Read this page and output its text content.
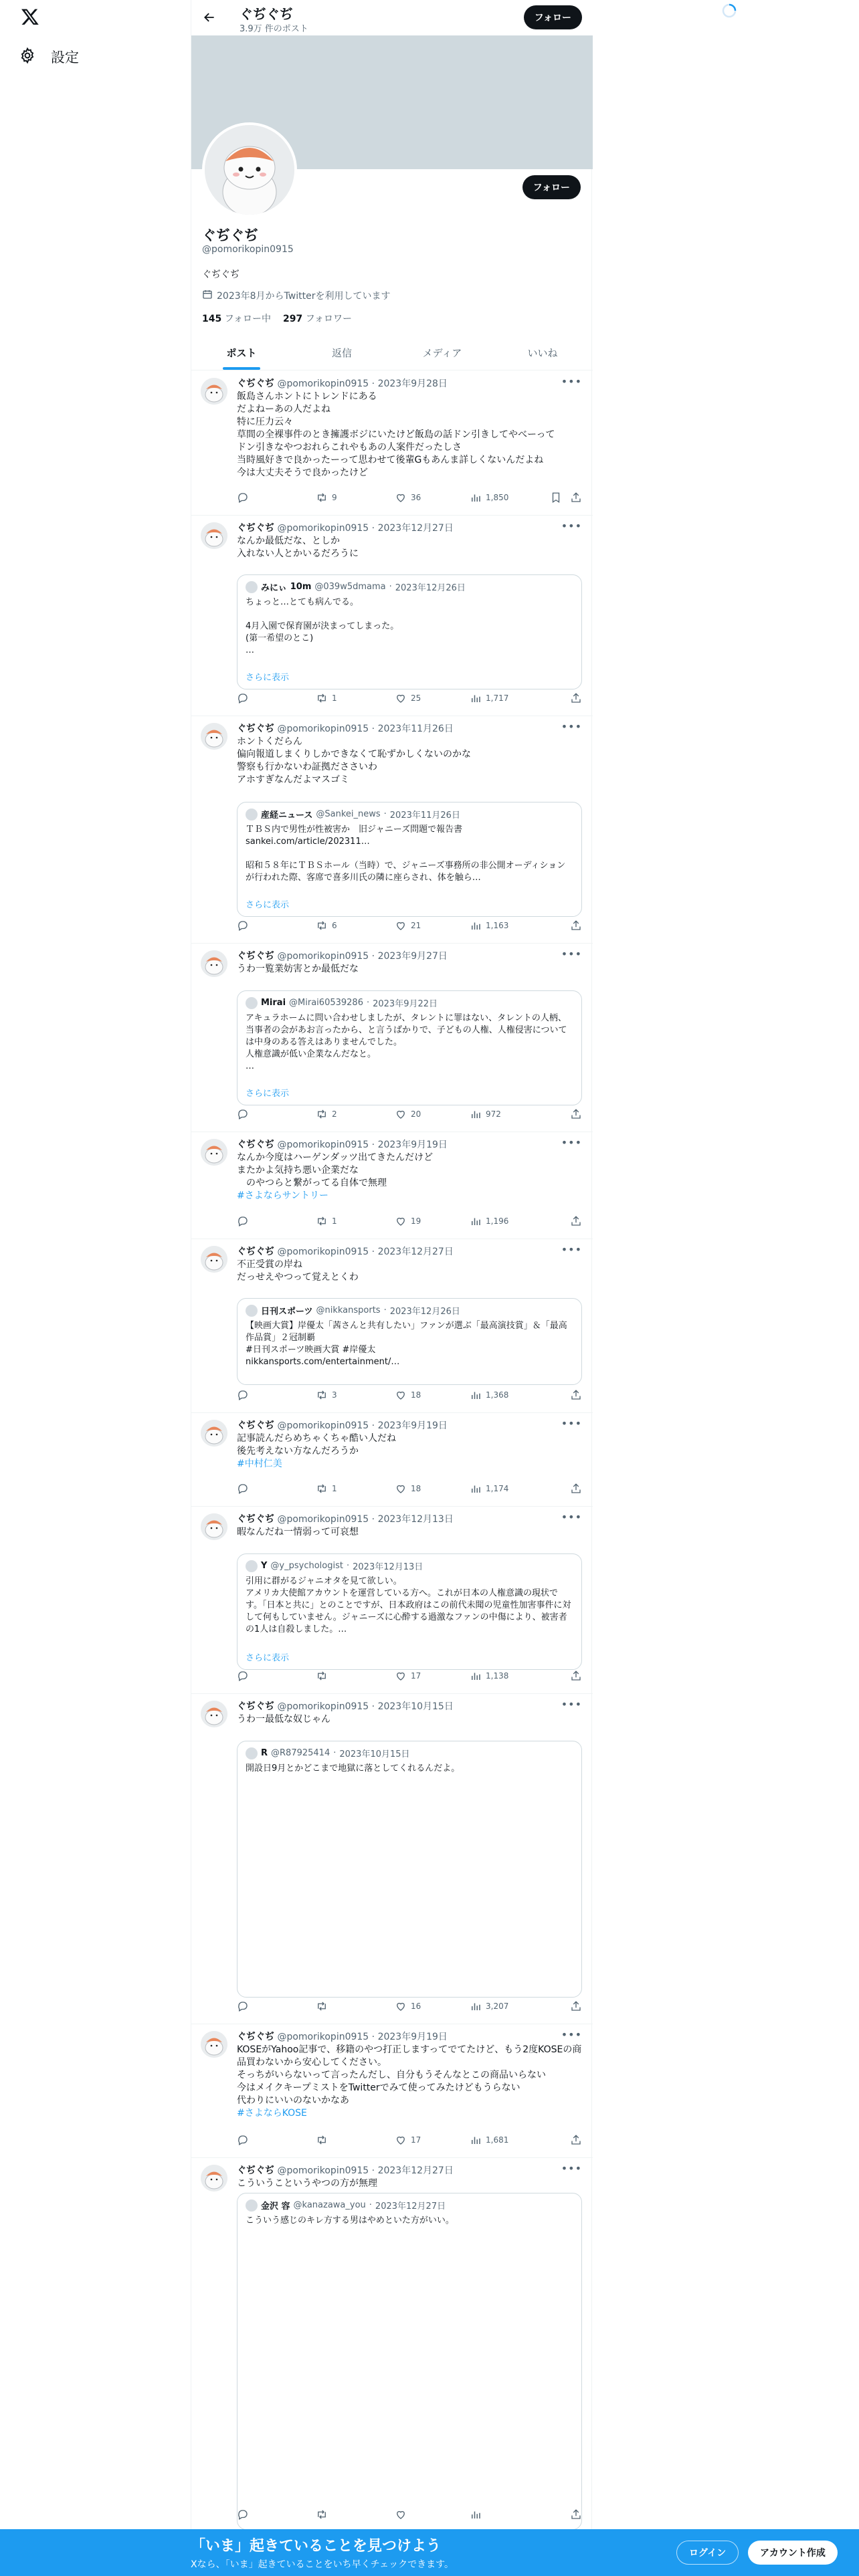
設定
フォロー
ぐぢぐぢ
@pomorikopin0915
ぐぢぐぢ
2023年8月からTwitterを利用しています
145 フォロー中 297 フォロワー
ポスト	返信	メディア	いいね
ぐぢぐぢ @pomorikopin0915 · 2023年9月28日	•••
飯島さんホントにトレンドにある
だよねーあの人だよね
特に圧力云々
草間の全裸事件のとき擁護ボジにいたけど飯島の話ドン引きしてやべーって
ドン引きなやつおれらこれやもあの人案件だったしさ
当時風好きで良かったーって思わせて後輩Gもあんま詳しくないんだよね
今は大丈夫そうで良かったけど
9	36	1,850
ぐぢぐぢ @pomorikopin0915 · 2023年12月27日	•••
なんか最低だな、としか
入れない人とかいるだろうに
みにぃ 10m @039w5dmama · 2023年12月26日
ちょっと…とても病んでる。

4月入園で保育園が決まってしまった。
(第一希望のとこ)
…
さらに表示
1	25	1,717
ぐぢぐぢ @pomorikopin0915 · 2023年11月26日	•••
ホントくだらん
偏向報道しまくりしかできなくて恥ずかしくないのかな
警察も行かないわ証拠だささいわ
アホすぎなんだよマスゴミ
産経ニュース @Sankei_news · 2023年11月26日
ＴＢＳ内で男性が性被害か　旧ジャニーズ問題で報告書
sankei.com/article/202311…

昭和５８年にＴＢＳホール（当時）で、ジャニーズ事務所の非公開オーディションが行われた際、客席で喜多川氏の隣に座らされ、体を触ら…
さらに表示
6	21	1,163
ぐぢぐぢ @pomorikopin0915 · 2023年9月27日	•••
うわ一覧業妨害とか最低だな
Mirai @Mirai60539286 · 2023年9月22日
アキュラホームに問い合わせしましたが、タレントに罪はない、タレントの人柄、当事者の会があお言ったから、と言うばかりで、子どもの人権、人権侵害については中身のある答えはありませんでした。
人権意識が低い企業なんだなと。
…
さらに表示
2	20	972
ぐぢぐぢ @pomorikopin0915 · 2023年9月19日	•••
なんか今度はハーゲンダッツ出てきたんだけど
またかよ気持ち悪い企業だな
　のやつらと繋がってる自体で無理
#さよならサントリー
1	19	1,196
ぐぢぐぢ @pomorikopin0915 · 2023年12月27日	•••
不正受賞の岸ね
だっせえやつって覚えとくわ
日刊スポーツ @nikkansports · 2023年12月26日
【映画大賞】岸優太「茜さんと共有したい」ファンが選ぶ「最高演技賞」＆「最高作品賞」２冠制覇
#日刊スポーツ映画大賞 #岸優太
nikkansports.com/entertainment/…
3	18	1,368
ぐぢぐぢ @pomorikopin0915 · 2023年9月19日	•••
記事読んだらめちゃくちゃ酷い人だね
後先考えない方なんだろうか
#中村仁美
1	18	1,174
ぐぢぐぢ @pomorikopin0915 · 2023年12月13日	•••
暇なんだね一情弱って可哀想
Y @y_psychologist · 2023年12月13日
引用に群がるジャニオタを見て欲しい。
アメリカ大使館アカウントを運営している方へ。これが日本の人権意識の現状です。「日本と共に」とのことですが、日本政府はこの前代未聞の児童性加害事件に対して何もしていません。ジャニーズに心酔する過激なファンの中傷により、被害者の1人は自殺しました。…
さらに表示
17	1,138
ぐぢぐぢ @pomorikopin0915 · 2023年10月15日	•••
うわ一最低な奴じゃん
R @R87925414 · 2023年10月15日
開設日9月とかどこまで地獄に落としてくれるんだよ。
16	3,207
ぐぢぐぢ @pomorikopin0915 · 2023年9月19日	•••
KOSEがYahoo記事で、移籍のやつ打正しますってでてたけど、もう2度KOSEの商品買わないから安心してください。
そっちがいらないって言ったんだし、自分もうそんなとこの商品いらない
今はメイクキープミストをTwitterでみて使ってみたけどもうらない
代わりにいいのないかなあ
#さよならKOSE
17	1,681
ぐぢぐぢ @pomorikopin0915 · 2023年12月27日	•••
こういうこというやつの方が無理
金沢 容 @kanazawa_you · 2023年12月27日
こういう感じのキレ方する男はやめといた方がいい。
ぐぢぐぢ
3.9万 件のポスト
フォロー
「いま」起きていることを見つけよう
Xなら、「いま」起きていることをいち早くチェックできます。
ログイン	アカウント作成
